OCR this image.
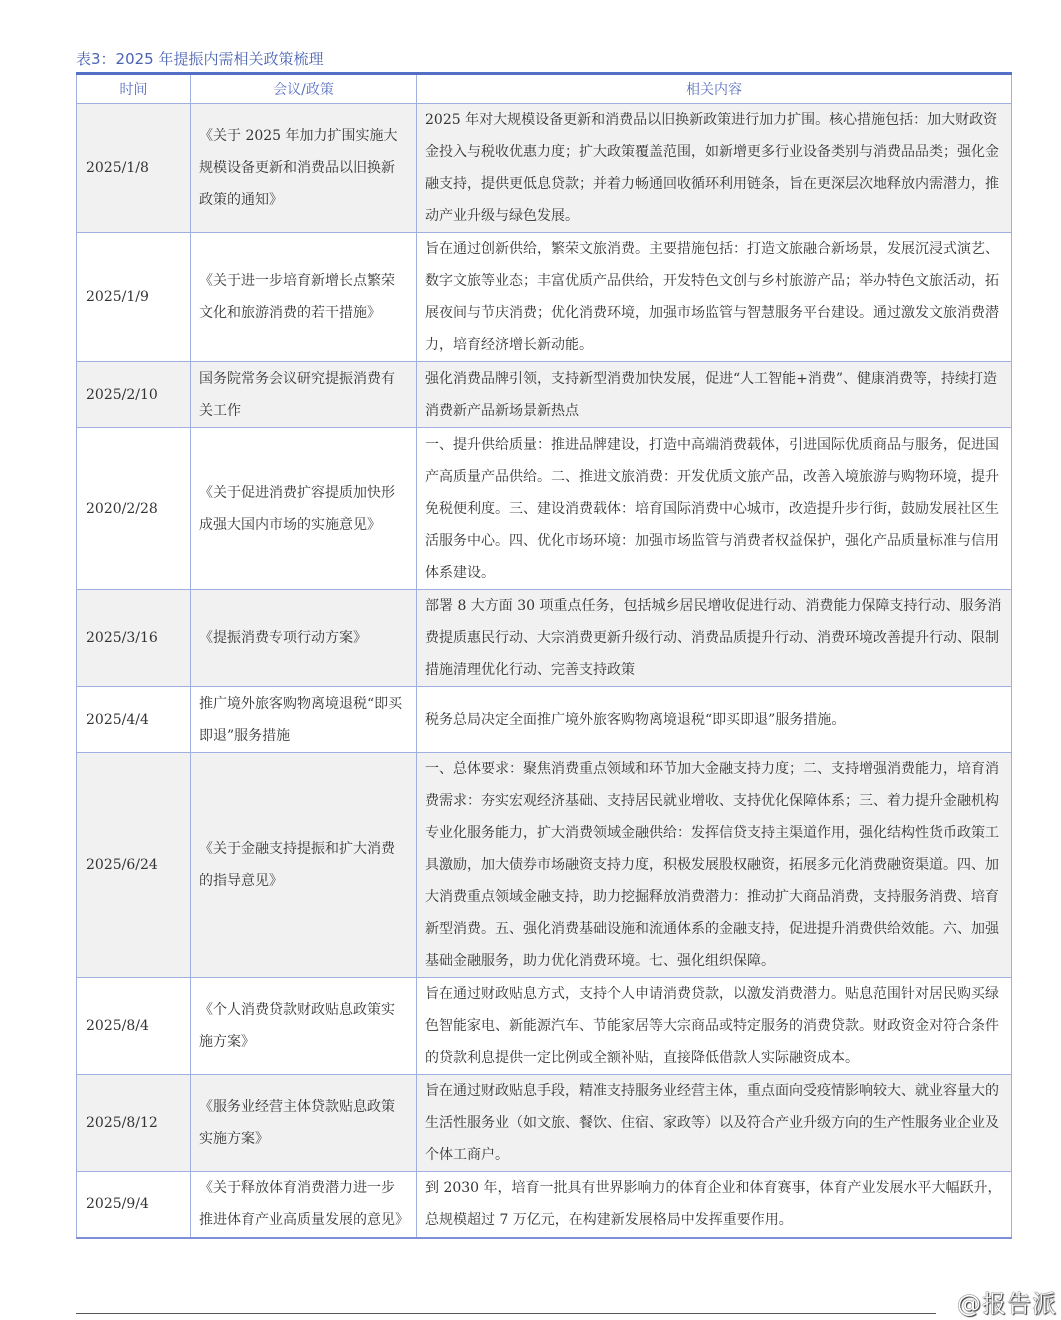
表3：2025 年提振内需相关政策梳理
时间	会议/政策	相关内容
2025/1/8	《关于 2025 年加力扩围实施大规模设备更新和消费品以旧换新政策的通知》	2025 年对大规模设备更新和消费品以旧换新政策进行加力扩围。核心措施包括：加大财政资金投入与税收优惠力度；扩大政策覆盖范围，如新增更多行业设备类别与消费品品类；强化金融支持，提供更低息贷款；并着力畅通回收循环利用链条，旨在更深层次地释放内需潜力，推动产业升级与绿色发展。
2025/1/9	《关于进一步培育新增长点繁荣文化和旅游消费的若干措施》	旨在通过创新供给，繁荣文旅消费。主要措施包括：打造文旅融合新场景，发展沉浸式演艺、数字文旅等业态；丰富优质产品供给，开发特色文创与乡村旅游产品；举办特色文旅活动，拓展夜间与节庆消费；优化消费环境，加强市场监管与智慧服务平台建设。通过激发文旅消费潜力，培育经济增长新动能。
2025/2/10	国务院常务会议研究提振消费有关工作	强化消费品牌引领，支持新型消费加快发展，促进“人工智能+消费”、健康消费等，持续打造消费新产品新场景新热点
2020/2/28	《关于促进消费扩容提质加快形成强大国内市场的实施意见》	一、提升供给质量：推进品牌建设，打造中高端消费载体，引进国际优质商品与服务，促进国产高质量产品供给。二、推进文旅消费：开发优质文旅产品，改善入境旅游与购物环境，提升免税便利度。三、建设消费载体：培育国际消费中心城市，改造提升步行街，鼓励发展社区生活服务中心。四、优化市场环境：加强市场监管与消费者权益保护，强化产品质量标准与信用体系建设。
2025/3/16	《提振消费专项行动方案》	部署 8 大方面 30 项重点任务，包括城乡居民增收促进行动、消费能力保障支持行动、服务消费提质惠民行动、大宗消费更新升级行动、消费品质提升行动、消费环境改善提升行动、限制措施清理优化行动、完善支持政策
2025/4/4	推广境外旅客购物离境退税“即买即退”服务措施	税务总局决定全面推广境外旅客购物离境退税“即买即退”服务措施。
2025/6/24	《关于金融支持提振和扩大消费的指导意见》	一、总体要求：聚焦消费重点领域和环节加大金融支持力度；二、支持增强消费能力，培育消费需求：夯实宏观经济基础、支持居民就业增收、支持优化保障体系；三、着力提升金融机构专业化服务能力，扩大消费领域金融供给：发挥信贷支持主渠道作用，强化结构性货币政策工具激励，加大债券市场融资支持力度，积极发展股权融资，拓展多元化消费融资渠道。四、加大消费重点领域金融支持，助力挖掘释放消费潜力：推动扩大商品消费，支持服务消费、培育新型消费。五、强化消费基础设施和流通体系的金融支持，促进提升消费供给效能。六、加强基础金融服务，助力优化消费环境。七、强化组织保障。
2025/8/4	《个人消费贷款财政贴息政策实施方案》	旨在通过财政贴息方式，支持个人申请消费贷款，以激发消费潜力。贴息范围针对居民购买绿色智能家电、新能源汽车、节能家居等大宗商品或特定服务的消费贷款。财政资金对符合条件的贷款利息提供一定比例或全额补贴，直接降低借款人实际融资成本。
2025/8/12	《服务业经营主体贷款贴息政策实施方案》	旨在通过财政贴息手段，精准支持服务业经营主体，重点面向受疫情影响较大、就业容量大的生活性服务业（如文旅、餐饮、住宿、家政等）以及符合产业升级方向的生产性服务业企业及个体工商户。
2025/9/4	《关于释放体育消费潜力进一步推进体育产业高质量发展的意见》	到 2030 年，培育一批具有世界影响力的体育企业和体育赛事，体育产业发展水平大幅跃升，总规模超过 7 万亿元，在构建新发展格局中发挥重要作用。
@报告派
